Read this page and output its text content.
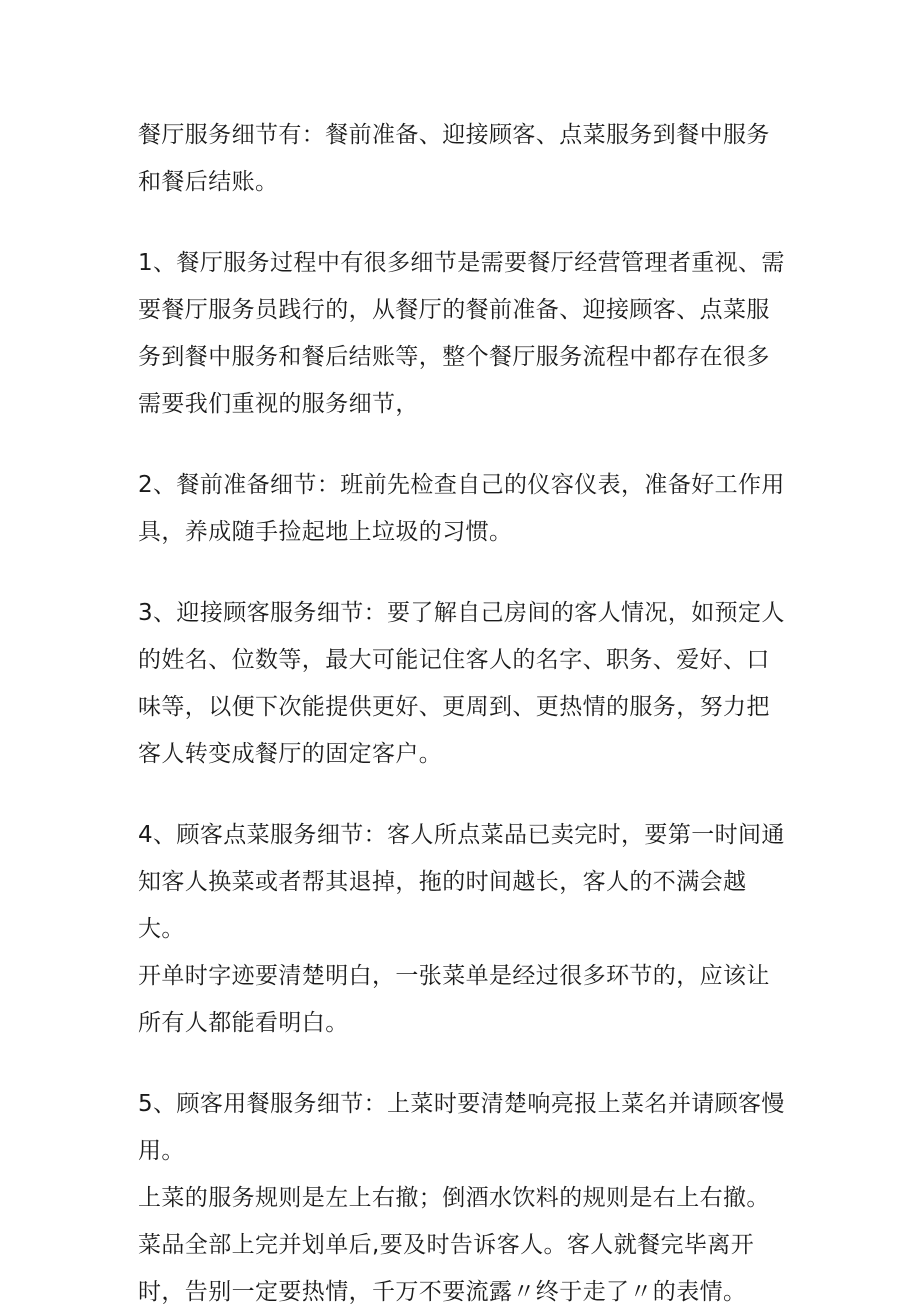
餐厅服务细节有：餐前准备、迎接顾客、点菜服务到餐中服务和餐后结账。

1、餐厅服务过程中有很多细节是需要餐厅经营管理者重视、需要餐厅服务员践行的，从餐厅的餐前准备、迎接顾客、点菜服务到餐中服务和餐后结账等，整个餐厅服务流程中都存在很多需要我们重视的服务细节，

2、餐前准备细节：班前先检查自己的仪容仪表，准备好工作用具，养成随手捡起地上垃圾的习惯。

3、迎接顾客服务细节：要了解自己房间的客人情况，如预定人的姓名、位数等，最大可能记住客人的名字、职务、爱好、口味等，以便下次能提供更好、更周到、更热情的服务，努力把客人转变成餐厅的固定客户。

4、顾客点菜服务细节：客人所点菜品已卖完时，要第一时间通知客人换菜或者帮其退掉，拖的时间越长，客人的不满会越大。

开单时字迹要清楚明白，一张菜单是经过很多环节的，应该让所有人都能看明白。

5、顾客用餐服务细节：上菜时要清楚响亮报上菜名并请顾客慢用。

上菜的服务规则是左上右撤；倒酒水饮料的规则是右上右撤。菜品全部上完并划单后,要及时告诉客人。客人就餐完毕离开时，告别一定要热情，千万不要流露〃终于走了〃的表情。
